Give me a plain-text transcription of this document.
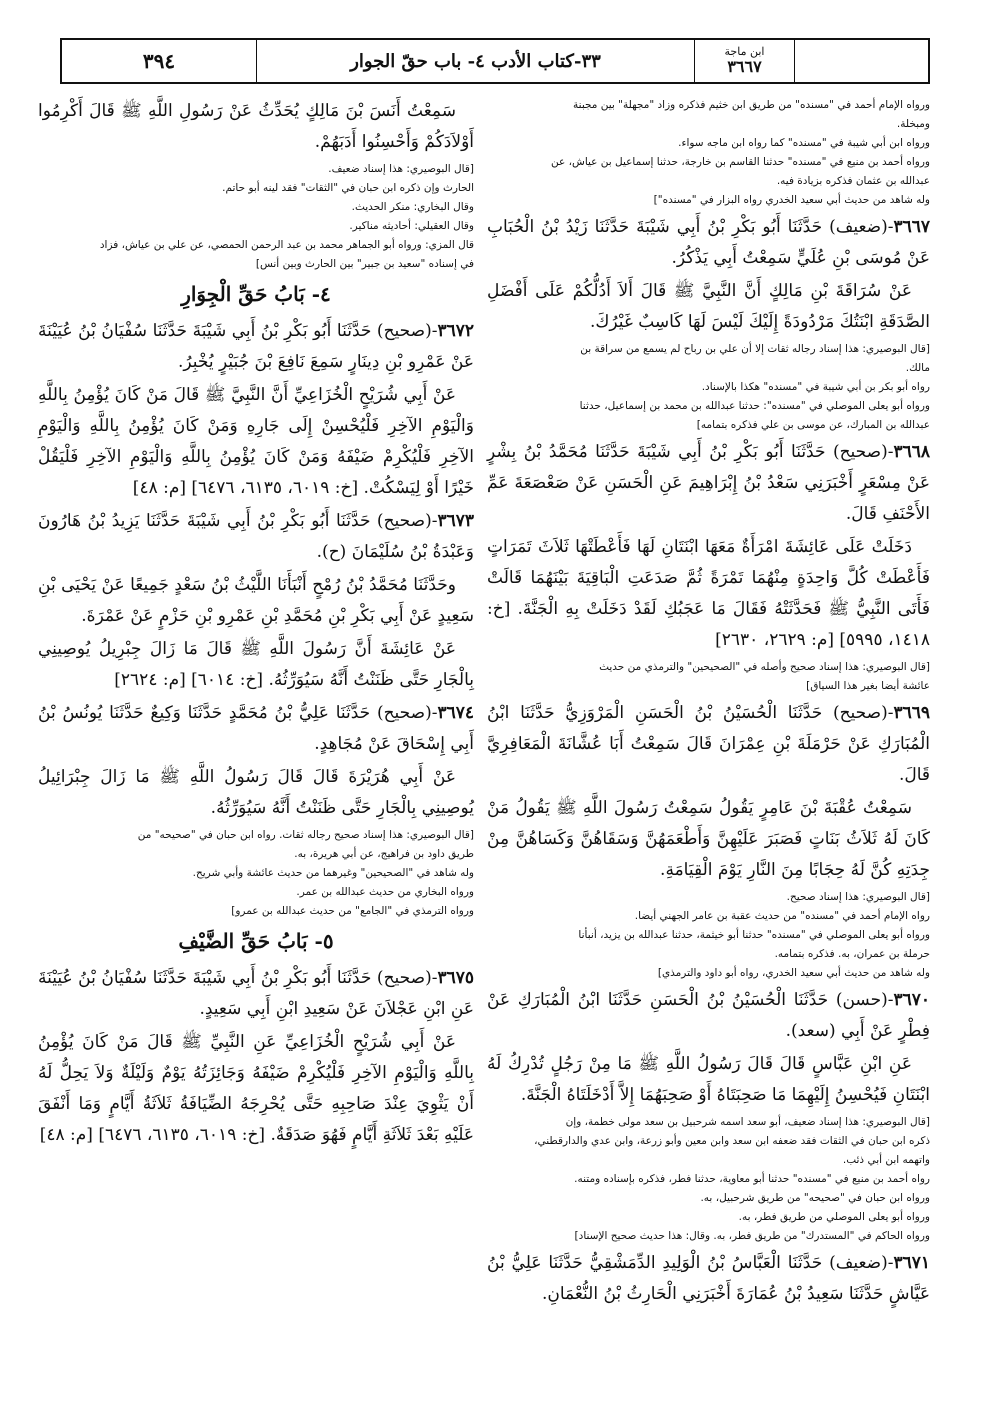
٣٩٤	٣٣-كتاب الأدب ٤- باب حقّ الجوار	ابن ماجة
٣٦٦٧
ورواه الإمام أحمد في "مسنده" من طريق ابن خثيم فذكره وزاد "مجهلة" بين مجبنة
ومبخلة.
ورواه ابن أبي شيبة في "مسنده" كما رواه ابن ماجه سواء.
ورواه أحمد بن منيع في "مسنده" حدثنا القاسم بن خارجة، حدثنا إسماعيل بن عياش، عن
عبدالله بن عثمان فذكره بزيادة فيه.
وله شاهد من حديث أبي سعيد الخدري رواه البزار في "مسنده"]

٣٦٦٧-(ضعيف) حَدَّثَنَا أَبُو بَكْرِ بْنُ أَبِي شَيْبَةَ حَدَّثَنَا زَيْدُ بْنُ الْحُبَابِ عَنْ مُوسَى بْنِ عُلَيٍّ سَمِعْتُ أَبِي يَذْكُرُ.

عَنْ سُرَاقَةَ بْنِ مَالِكٍ أَنَّ النَّبِيَّ ﷺ قَالَ أَلاَ أَدُلُّكُمْ عَلَى أَفْضَلِ الصَّدَقَةِ ابْنَتُكَ مَرْدُودَةً إِلَيْكَ لَيْسَ لَهَا كَاسِبٌ غَيْرُكَ.

[قال البوصيري: هذا إسناد رجاله ثقات إلا أن علي بن رباح لم يسمع من سراقة بن
مالك.
رواه أبو بكر بن أبي شيبة في "مسنده" هكذا بالإسناد.
ورواه أبو يعلى الموصلي في "مسنده": حدثنا عبدالله بن محمد بن إسماعيل، حدثنا
عبدالله بن المبارك، عن موسى بن علي فذكره بتمامه]

٣٦٦٨-(صحيح) حَدَّثَنَا أَبُو بَكْرِ بْنُ أَبِي شَيْبَةَ حَدَّثَنَا مُحَمَّدُ بْنُ بِشْرٍ عَنْ مِسْعَرٍ أَخْبَرَنِي سَعْدُ بْنُ إِبْرَاهِيمَ عَنِ الْحَسَنِ عَنْ صَعْصَعَةَ عَمِّ الأَحْنَفِ قَالَ.

دَخَلَتْ عَلَى عَائِشَةَ امْرَأَةٌ مَعَهَا ابْنَتَانِ لَهَا فَأَعْطَتْهَا ثَلاَثَ تَمَرَاتٍ فَأَعْطَتْ كُلَّ وَاحِدَةٍ مِنْهُمَا تَمْرَةً ثُمَّ صَدَعَتِ الْبَاقِيَةَ بَيْنَهُمَا قَالَتْ فَأَتَى النَّبِيُّ ﷺ فَحَدَّثَتْهُ فَقَالَ مَا عَجَبُكِ لَقَدْ دَخَلَتْ بِهِ الْجَنَّةَ. [خ: ١٤١٨، ٥٩٩٥] [م: ٢٦٢٩، ٢٦٣٠]

[قال البوصيري: هذا إسناد صحيح وأصله في "الصحيحين" والترمذي من حديث
عائشة أيضا بغير هذا السياق]

٣٦٦٩-(صحيح) حَدَّثَنَا الْحُسَيْنُ بْنُ الْحَسَنِ الْمَرْوَزِيُّ حَدَّثَنَا ابْنُ الْمُبَارَكِ عَنْ حَرْمَلَةَ بْنِ عِمْرَانَ قَالَ سَمِعْتُ أَبَا عُشَّانَةَ الْمَعَافِرِيَّ قَالَ.

سَمِعْتُ عُقْبَةَ بْنَ عَامِرٍ يَقُولُ سَمِعْتُ رَسُولَ اللَّهِ ﷺ يَقُولُ مَنْ كَانَ لَهُ ثَلاَثُ بَنَاتٍ فَصَبَرَ عَلَيْهِنَّ وَأَطْعَمَهُنَّ وَسَقَاهُنَّ وَكَسَاهُنَّ مِنْ جِدَتِهِ كُنَّ لَهُ حِجَابًا مِنَ النَّارِ يَوْمَ الْقِيَامَةِ.

[قال البوصيري: هذا إسناد صحيح.
رواه الإمام أحمد في "مسنده" من حديث عقبة بن عامر الجهني أيضا.
ورواه أبو يعلى الموصلي في "مسنده" حدثنا أبو خيثمة، حدثنا عبدالله بن يزيد، أنبأنا
حرملة بن عمران، به. فذكره بتمامه.
وله شاهد من حديث أبي سعيد الخدري، رواه أبو داود والترمذي]

٣٦٧٠-(حسن) حَدَّثَنَا الْحُسَيْنُ بْنُ الْحَسَنِ حَدَّثَنَا ابْنُ الْمُبَارَكِ عَنْ فِطْرٍ عَنْ أَبِي (سعد).

عَنِ ابْنِ عَبَّاسٍ قَالَ قَالَ رَسُولُ اللَّهِ ﷺ مَا مِنْ رَجُلٍ تُدْرِكُ لَهُ ابْنَتَانِ فَيُحْسِنُ إِلَيْهِمَا مَا صَحِبَتَاهُ أَوْ صَحِبَهُمَا إِلاَّ أَدْخَلَتَاهُ الْجَنَّةَ.

[قال البوصيري: هذا إسناد ضعيف، أبو سعد اسمه شرحبيل بن سعد مولى خطمة، وإن
ذكره ابن حبان في الثقات فقد ضعفه ابن سعد وابن معين وأبو زرعة، وابن عدي والدارقطني،
واتهمه ابن أبي ذئب.
رواه أحمد بن منيع في "مسنده" حدثنا أبو معاوية، حدثنا فطر، فذكره بإسناده ومتنه.
ورواه ابن حبان في "صحيحه" من طريق شرحبيل، به.
ورواه أبو يعلى الموصلي من طريق فطر، به.
ورواه الحاكم في "المستدرك" من طريق فطر، به. وقال: هذا حديث صحيح الإسناد]

٣٦٧١-(ضعيف) حَدَّثَنَا الْعَبَّاسُ بْنُ الْوَلِيدِ الدِّمَشْقِيُّ حَدَّثَنَا عَلِيُّ بْنُ عَيَّاشٍ حَدَّثَنَا سَعِيدُ بْنُ عُمَارَةَ أَخْبَرَنِي الْحَارِثُ بْنُ النُّعْمَانِ.

سَمِعْتُ أَنَسَ بْنَ مَالِكٍ يُحَدِّثُ عَنْ رَسُولِ اللَّهِ ﷺ قَالَ أَكْرِمُوا أَوْلاَدَكُمْ وَأَحْسِنُوا أَدَبَهُمْ.

[قال البوصيري: هذا إسناد ضعيف.
الحارث وإن ذكره ابن حبان في "الثقات" فقد لينه أبو حاتم.
وقال البخاري: منكر الحديث.
وقال العقيلي: أحاديثه مناكير.
قال المزي: ورواه أبو الجماهر محمد بن عبد الرحمن الحمصي، عن علي بن عياش، فزاد
في إسناده "سعيد بن جبير" بين الحارث وبين أنس]
٤- بَابُ حَقِّ الْجِوَارِ

٣٦٧٢-(صحيح) حَدَّثَنَا أَبُو بَكْرِ بْنُ أَبِي شَيْبَةَ حَدَّثَنَا سُفْيَانُ بْنُ عُيَيْنَةَ عَنْ عَمْرِو بْنِ دِينَارٍ سَمِعَ نَافِعَ بْنَ جُبَيْرٍ يُخْبِرُ.

عَنْ أَبِي شُرَيْحٍ الْخُزَاعِيِّ أَنَّ النَّبِيَّ ﷺ قَالَ مَنْ كَانَ يُؤْمِنُ بِاللَّهِ وَالْيَوْمِ الآخِرِ فَلْيُحْسِنْ إِلَى جَارِهِ وَمَنْ كَانَ يُؤْمِنُ بِاللَّهِ وَالْيَوْمِ الآخِرِ فَلْيُكْرِمْ ضَيْفَهُ وَمَنْ كَانَ يُؤْمِنُ بِاللَّهِ وَالْيَوْمِ الآخِرِ فَلْيَقُلْ خَيْرًا أَوْ لِيَسْكُتْ. [خ: ٦٠١٩، ٦١٣٥، ٦٤٧٦] [م: ٤٨]

٣٦٧٣-(صحيح) حَدَّثَنَا أَبُو بَكْرِ بْنُ أَبِي شَيْبَةَ حَدَّثَنَا يَزِيدُ بْنُ هَارُونَ وَعَبْدَةُ بْنُ سُلَيْمَانَ (ح).

وحَدَّثَنَا مُحَمَّدُ بْنُ رُمْحٍ أَنْبَأَنَا اللَّيْثُ بْنُ سَعْدٍ جَمِيعًا عَنْ يَحْيَى بْنِ سَعِيدٍ عَنْ أَبِي بَكْرِ بْنِ مُحَمَّدِ بْنِ عَمْرِو بْنِ حَزْمٍ عَنْ عَمْرَةَ.

عَنْ عَائِشَةَ أَنَّ رَسُولَ اللَّهِ ﷺ قَالَ مَا زَالَ جِبْرِيلُ يُوصِينِي بِالْجَارِ حَتَّى ظَنَنْتُ أَنَّهُ سَيُوَرِّثُهُ. [خ: ٦٠١٤] [م: ٢٦٢٤]

٣٦٧٤-(صحيح) حَدَّثَنَا عَلِيُّ بْنُ مُحَمَّدٍ حَدَّثَنَا وَكِيعٌ حَدَّثَنَا يُونُسُ بْنُ أَبِي إِسْحَاقَ عَنْ مُجَاهِدٍ.

عَنْ أَبِي هُرَيْرَةَ قَالَ قَالَ رَسُولُ اللَّهِ ﷺ مَا زَالَ جِبْرَائِيلُ يُوصِينِي بِالْجَارِ حَتَّى ظَنَنْتُ أَنَّهُ سَيُوَرِّثُهُ.

[قال البوصيري: هذا إسناد صحيح رجاله ثقات. رواه ابن حبان في "صحيحه" من
طريق داود بن فراهيج، عن أبي هريرة، به.
وله شاهد في "الصحيحين" وغيرهما من حديث عائشة وأبي شريح.
ورواه البخاري من حديث عبدالله بن عمر.
ورواه الترمذي في "الجامع" من حديث عبدالله بن عمرو]
٥- بَابُ حَقِّ الضَّيْفِ

٣٦٧٥-(صحيح) حَدَّثَنَا أَبُو بَكْرِ بْنُ أَبِي شَيْبَةَ حَدَّثَنَا سُفْيَانُ بْنُ عُيَيْنَةَ عَنِ ابْنِ عَجْلاَنَ عَنْ سَعِيدِ ابْنِ أَبِي سَعِيدٍ.

عَنْ أَبِي شُرَيْحٍ الْخُزَاعِيِّ عَنِ النَّبِيِّ ﷺ قَالَ مَنْ كَانَ يُؤْمِنُ بِاللَّهِ وَالْيَوْمِ الآخِرِ فَلْيُكْرِمْ ضَيْفَهُ وَجَائِزَتُهُ يَوْمٌ وَلَيْلَةٌ وَلاَ يَحِلُّ لَهُ أَنْ يَثْوِيَ عِنْدَ صَاحِبِهِ حَتَّى يُحْرِجَهُ الضِّيَافَةُ ثَلاَثَةُ أَيَّامٍ وَمَا أَنْفَقَ عَلَيْهِ بَعْدَ ثَلاَثَةِ أَيَّامٍ فَهُوَ صَدَقَةٌ. [خ: ٦٠١٩، ٦١٣٥، ٦٤٧٦] [م: ٤٨]
